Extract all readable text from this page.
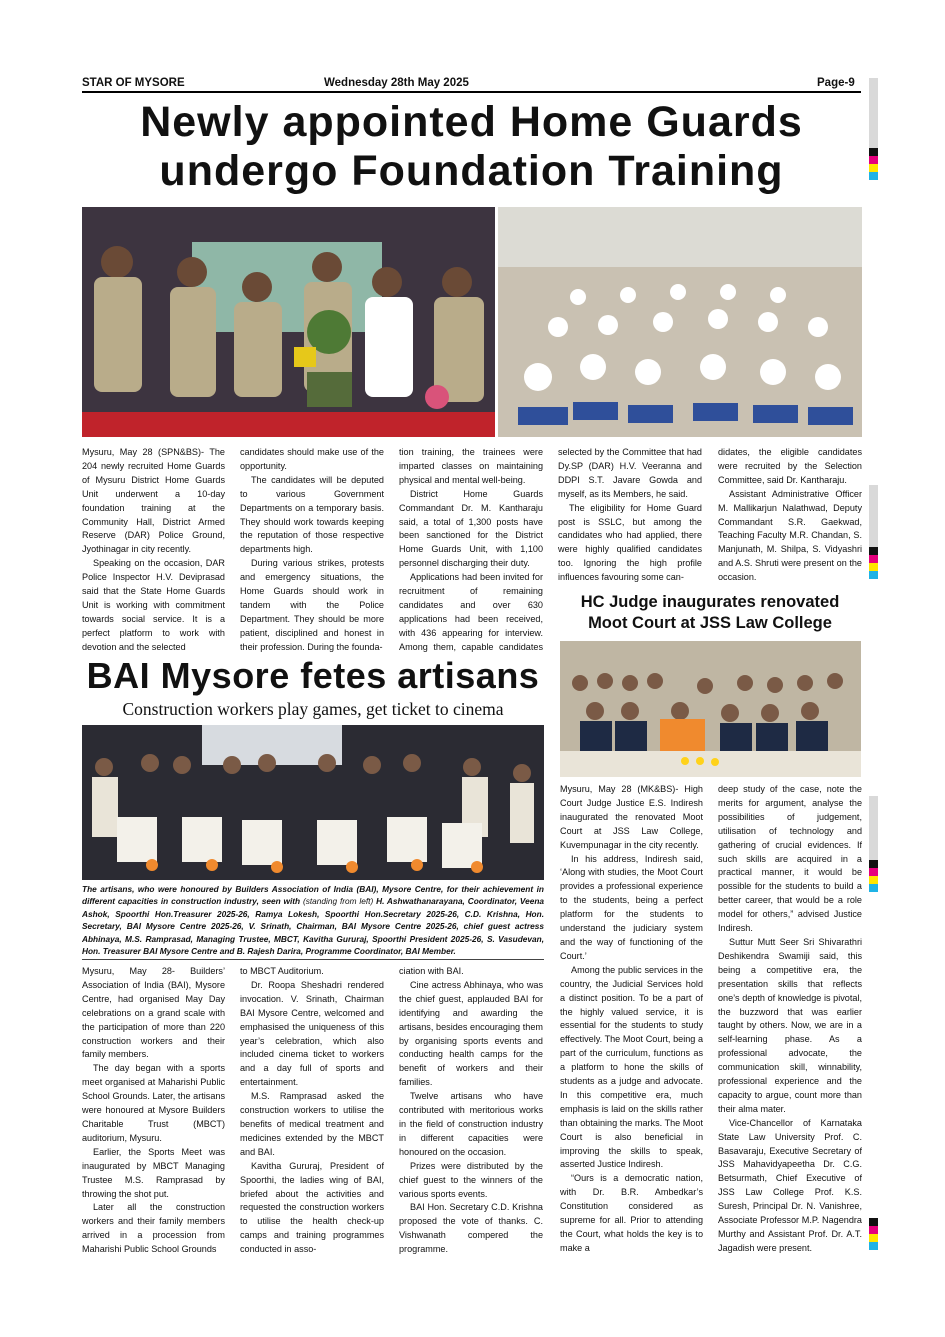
STAR OF MYSORE	Wednesday 28th May 2025	Page-9
Newly appointed Home Guards
undergo Foundation Training

Mysuru, May 28 (SPN&BS)- The 204 newly recruited Home Guards of Mysuru District Home Guards Unit underwent a 10-day foundation training at the Community Hall, District Armed Reserve (DAR) Police Ground, Jyothinagar in city recently.

Speaking on the occasion, DAR Police Inspector H.V. Deviprasad said that the State Home Guards Unit is working with commitment towards social service. It is a perfect platform to work with devotion and the selected

candidates should make use of the opportunity.

The candidates will be deputed to various Government Departments on a temporary basis. They should work towards keeping the reputation of those respective departments high.

During various strikes, protests and emergency situations, the Home Guards should work in tandem with the Police Department. They should be more patient, disciplined and honest in their profession. During the founda-

tion training, the trainees were imparted classes on maintaining physical and mental well-being.

District Home Guards Commandant Dr. M. Kantharaju said, a total of 1,300 posts have been sanctioned for the District Home Guards Unit, with 1,100 personnel discharging their duty.

Applications had been invited for recruitment of remaining candidates and over 630 applications had been received, with 436 appearing for interview. Among them, capable candidates

selected by the Committee that had Dy.SP (DAR) H.V. Veeranna and DDPI S.T. Javare Gowda and myself, as its Members, he said.

The eligibility for Home Guard post is SSLC, but among the candidates who had applied, there were highly qualified candidates too. Ignoring the high profile influences favouring some can-

didates, the eligible candidates were recruited by the Selection Committee, said Dr. Kantharaju.

Assistant Administrative Officer M. Mallikarjun Nalathwad, Deputy Commandant S.R. Gaekwad, Teaching Faculty M.R. Chandan, S. Manjunath, M. Shilpa, S. Vidyashri and A.S. Shruti were present on the occasion.

HC Judge inaugurates renovated
Moot Court at JSS Law College

Mysuru, May 28 (MK&BS)- High Court Judge Justice E.S. Indiresh inaugurated the renovated Moot Court at JSS Law College, Kuvempunagar in the city recently.

In his address, Indiresh said, ‘Along with studies, the Moot Court provides a professional experience to the students, being a perfect platform for the students to understand the judiciary system and the way of functioning of the Court.’

Among the public services in the country, the Judicial Services hold a distinct position. To be a part of the highly valued service, it is essential for the students to study effectively. The Moot Court, being a part of the curriculum, functions as a platform to hone the skills of students as a judge and advocate. In this competitive era, much emphasis is laid on the skills rather than obtaining the marks. The Moot Court is also beneficial in improving the skills to speak, asserted Justice Indiresh.

“Ours is a democratic nation, with Dr. B.R. Ambedkar’s Constitution considered as supreme for all. Prior to attending the Court, what holds the key is to make a

deep study of the case, note the merits for argument, analyse the possibilities of judgement, utilisation of technology and gathering of crucial evidences. If such skills are acquired in a practical manner, it would be possible for the students to build a better career, that would be a role model for others,” advised Justice Indiresh.

Suttur Mutt Seer Sri Shivarathri Deshikendra Swamiji said, this being a competitive era, the presentation skills that reflects one’s depth of knowledge is pivotal, the buzzword that was earlier taught by others. Now, we are in a self-learning phase. As a professional advocate, the communication skill, winnability, professional experience and the capacity to argue, count more than their alma mater.

Vice-Chancellor of Karnataka State Law University Prof. C. Basavaraju, Executive Secretary of JSS Mahavidyapeetha Dr. C.G. Betsurmath, Chief Executive of JSS Law College Prof. K.S. Suresh, Principal Dr. N. Vanishree, Associate Professor M.P. Nagendra Murthy and Assistant Prof. Dr. A.T. Jagadish were present.

BAI Mysore fetes artisans
Construction workers play games, get ticket to cinema
The artisans, who were honoured by Builders Association of India (BAI), Mysore Centre, for their achievement in different capacities in construction industry, seen with (standing from left) H. Ashwathanarayana, Coordinator, Veena Ashok, Spoorthi Hon.Treasurer 2025-26, Ramya Lokesh, Spoorthi Hon.Secretary 2025-26, C.D. Krishna, Hon. Secretary, BAI Mysore Centre 2025-26, V. Srinath, Chairman, BAI Mysore Centre 2025-26, chief guest actress Abhinaya, M.S. Ramprasad, Managing Trustee, MBCT, Kavitha Gururaj, Spoorthi President 2025-26, S. Vasudevan, Hon. Treasurer BAI Mysore Centre and B. Rajesh Darira, Programme Coordinator, BAI Member.

Mysuru, May 28- Builders’ Association of India (BAI), Mysore Centre, had organised May Day celebrations on a grand scale with the participation of more than 220 construction workers and their family members.

The day began with a sports meet organised at Maharishi Public School Grounds. Later, the artisans were honoured at Mysore Builders Charitable Trust (MBCT) auditorium, Mysuru.

Earlier, the Sports Meet was inaugurated by MBCT Managing Trustee M.S. Ramprasad by throwing the shot put.

Later all the construction workers and their family members arrived in a procession from Maharishi Public School Grounds

to MBCT Auditorium.

Dr. Roopa Sheshadri rendered invocation. V. Srinath, Chairman BAI Mysore Centre, welcomed and emphasised the uniqueness of this year’s celebration, which also included cinema ticket to workers and a day full of sports and entertainment.

M.S. Ramprasad asked the construction workers to utilise the benefits of medical treatment and medicines extended by the MBCT and BAI.

Kavitha Gururaj, President of Spoorthi, the ladies wing of BAI, briefed about the activities and requested the construction workers to utilise the health check-up camps and training programmes conducted in asso-

ciation with BAI.

Cine actress Abhinaya, who was the chief guest, applauded BAI for identifying and awarding the artisans, besides encouraging them by organising sports events and conducting health camps for the benefit of workers and their families.

Twelve artisans who have contributed with meritorious works in the field of construction industry in different capacities were honoured on the occasion.

Prizes were distributed by the chief guest to the winners of the various sports events.

BAI Hon. Secretary C.D. Krishna proposed the vote of thanks. C. Vishwanath compered the programme.
